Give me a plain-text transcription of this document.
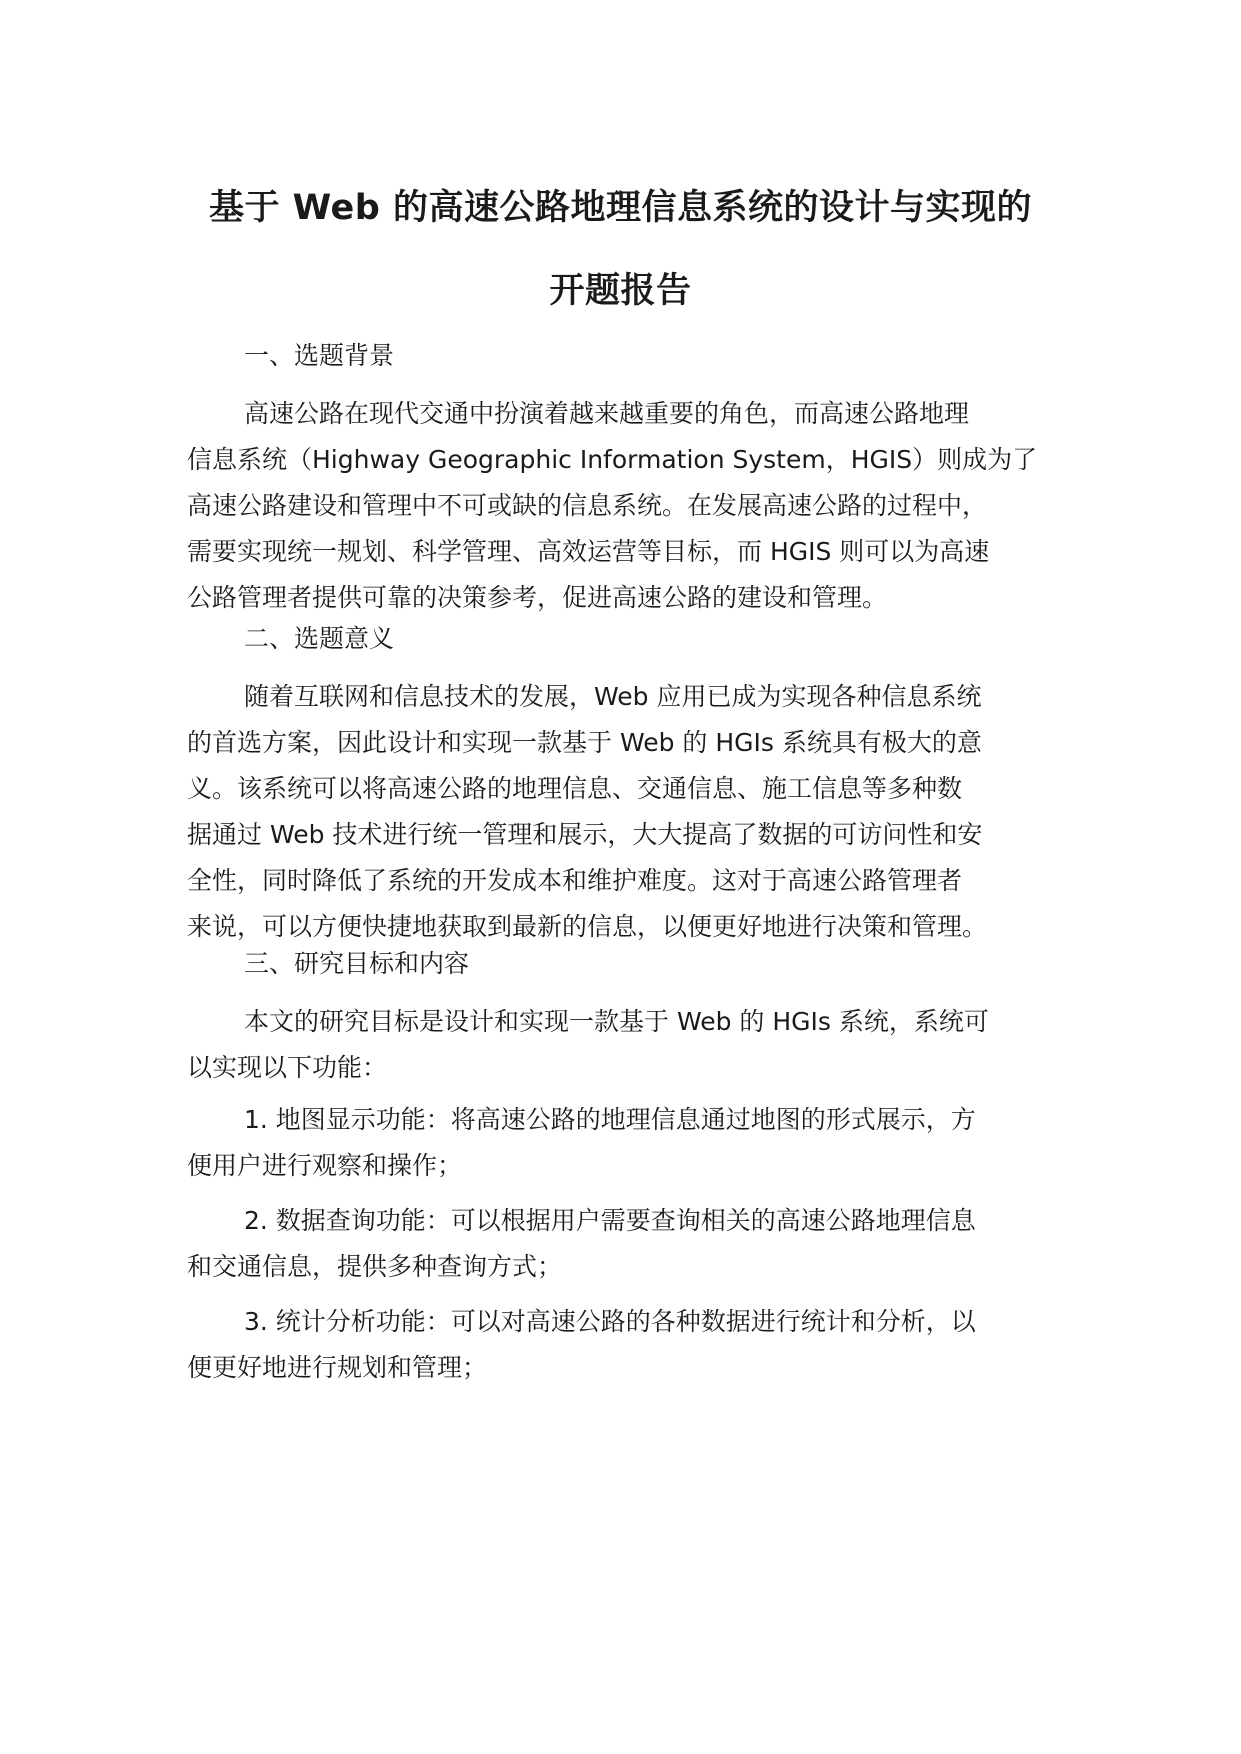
基于 Web 的高速公路地理信息系统的设计与实现的
开题报告
一、选题背景
高速公路在现代交通中扮演着越来越重要的角色，而高速公路地理
信息系统（Highway Geographic Information System，HGIS）则成为了
高速公路建设和管理中不可或缺的信息系统。在发展高速公路的过程中，
需要实现统一规划、科学管理、高效运营等目标，而 HGIS 则可以为高速
公路管理者提供可靠的决策参考，促进高速公路的建设和管理。
二、选题意义
随着互联网和信息技术的发展，Web 应用已成为实现各种信息系统
的首选方案，因此设计和实现一款基于 Web 的 HGIs 系统具有极大的意
义。该系统可以将高速公路的地理信息、交通信息、施工信息等多种数
据通过 Web 技术进行统一管理和展示，大大提高了数据的可访问性和安
全性，同时降低了系统的开发成本和维护难度。这对于高速公路管理者
来说，可以方便快捷地获取到最新的信息，以便更好地进行决策和管理。
三、研究目标和内容
本文的研究目标是设计和实现一款基于 Web 的 HGIs 系统，系统可
以实现以下功能：
1. 地图显示功能：将高速公路的地理信息通过地图的形式展示，方
便用户进行观察和操作；
2. 数据查询功能：可以根据用户需要查询相关的高速公路地理信息
和交通信息，提供多种查询方式；
3. 统计分析功能：可以对高速公路的各种数据进行统计和分析，以
便更好地进行规划和管理；
